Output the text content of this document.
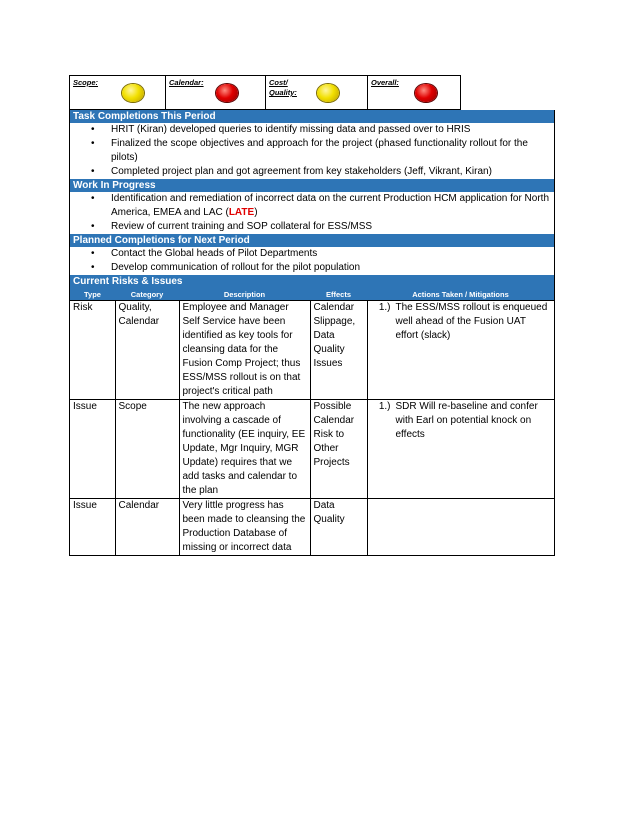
Scope:	Calendar:	Cost/ Quality:
Overall:
Task Completions This Period
• HRIT (Kiran) developed queries to identify missing data and passed over to HRIS
• Finalized the scope objectives and approach for the project (phased functionality rollout for the pilots)
• Completed project plan and got agreement from key stakeholders (Jeff, Vikrant, Kiran)
Work In Progress
• Identification and remediation of incorrect data on the current Production HCM application for North America, EMEA and LAC (LATE)
• Review of current training and SOP collateral for ESS/MSS
Planned Completions for Next Period
• Contact the Global heads of Pilot Departments
• Develop communication of rollout for the pilot population
Current Risks & Issues
Type	Category	Description	Effects	Actions Taken / Mitigations
Risk	Quality, Calendar	Employee and Manager Self Service have been identified as key tools for cleansing data for the Fusion Comp Project; thus ESS/MSS rollout is on that project's critical path	Calendar Slippage, Data Quality Issues	1.) The ESS/MSS rollout is enqueued well ahead of the Fusion UAT effort (slack)

Issue	Scope	The new approach involving a cascade of functionality (EE inquiry, EE Update, Mgr Inquiry, MGR Update) requires that we add tasks and calendar to the plan	Possible Calendar Risk to Other Projects	1.) SDR Will re-baseline and confer with Earl on potential knock on effects

Issue	Calendar	Very little progress has been made to cleansing the Production Database of missing or incorrect data	Data Quality	
